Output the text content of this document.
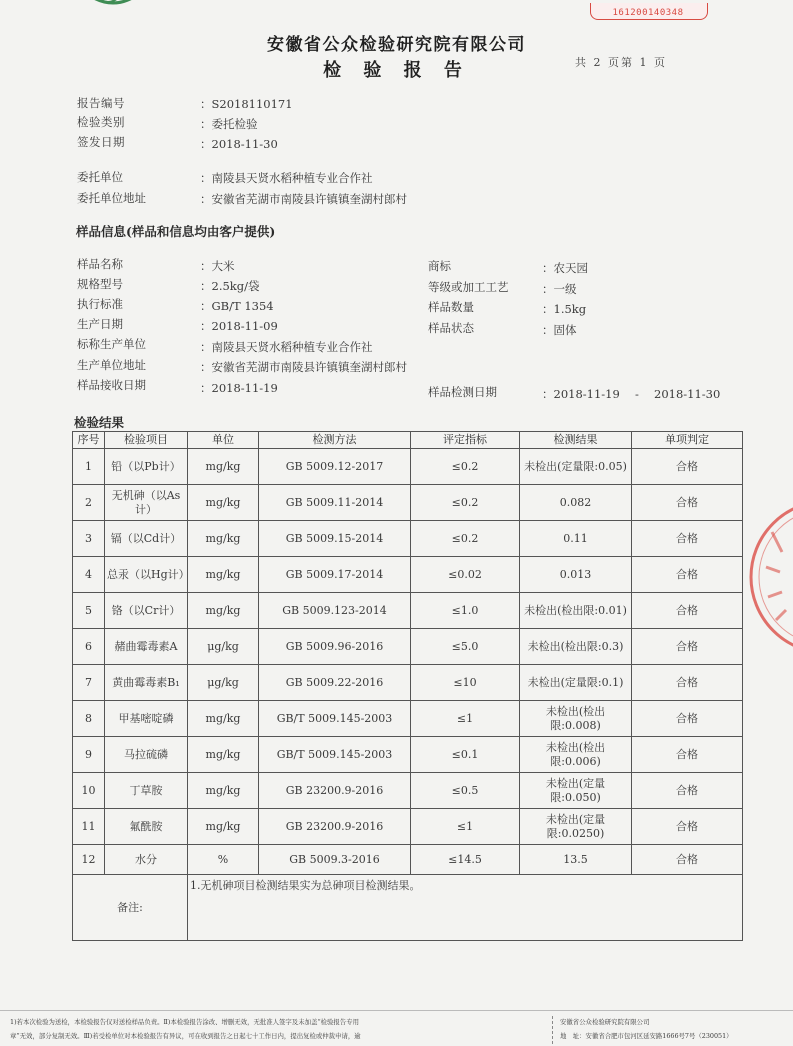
161200140348
安徽省公众检验研究院有限公司
检 验 报 告	共 2 页第 1 页
报告编号	：S2018110171
检验类别	：委托检验
签发日期	：2018-11-30
委托单位	：南陵县天贤水稻种植专业合作社
委托单位地址	：安徽省芜湖市南陵县许镇镇奎湖村郎村
样品信息(样品和信息均由客户提供)
样品名称	：大米
规格型号	：2.5kg/袋
执行标准	：GB/T 1354
生产日期	：2018-11-09
标称生产单位	：南陵县天贤水稻种植专业合作社
生产单位地址	：安徽省芜湖市南陵县许镇镇奎湖村郎村
样品接收日期	：2018-11-19
商标	：农天园
等级或加工工艺	：一级
样品数量	：1.5kg
样品状态	：固体
样品检测日期	：2018-11-19　 -　 2018-11-30
检验结果
序号	检验项目	单位	检测方法	评定指标	检测结果	单项判定
1	铅（以Pb计）	mg/kg	GB 5009.12-2017	≤0.2	未检出(定量限:0.05)	合格
2	无机砷（以As计）	mg/kg	GB 5009.11-2014	≤0.2	0.082	合格
3	镉（以Cd计）	mg/kg	GB 5009.15-2014	≤0.2	0.11	合格
4	总汞（以Hg计）	mg/kg	GB 5009.17-2014	≤0.02	0.013	合格
5	铬（以Cr计）	mg/kg	GB 5009.123-2014	≤1.0	未检出(检出限:0.01)	合格
6	赭曲霉毒素A	μg/kg	GB 5009.96-2016	≤5.0	未检出(检出限:0.3)	合格
7	黄曲霉毒素B₁	μg/kg	GB 5009.22-2016	≤10	未检出(定量限:0.1)	合格
8	甲基嘧啶磷	mg/kg	GB/T 5009.145-2003	≤1	未检出(检出限:0.008)	合格
9	马拉硫磷	mg/kg	GB/T 5009.145-2003	≤0.1	未检出(检出限:0.006)	合格
10	丁草胺	mg/kg	GB 23200.9-2016	≤0.5	未检出(定量限:0.050)	合格
11	氟酰胺	mg/kg	GB 23200.9-2016	≤1	未检出(定量限:0.0250)	合格
12	水分	%	GB 5009.3-2016	≤14.5	13.5	合格
备注:		1.无机砷项目检测结果实为总砷项目检测结果。				
1)若本次检验为送检，本检验报告仅对送检样品负责。Ⅱ)本检验报告涂改、增删无效，无批准人签字及未加盖“检验报告专用
章”无效，部分复制无效。Ⅲ)若受检单位对本检验报告有异议，可在收到报告之日起七十工作日内，提出复检或仲裁申请，逾
安徽省公众检验研究院有限公司
地　址：安徽省合肥市包河区延安路1666号7号（230051）
